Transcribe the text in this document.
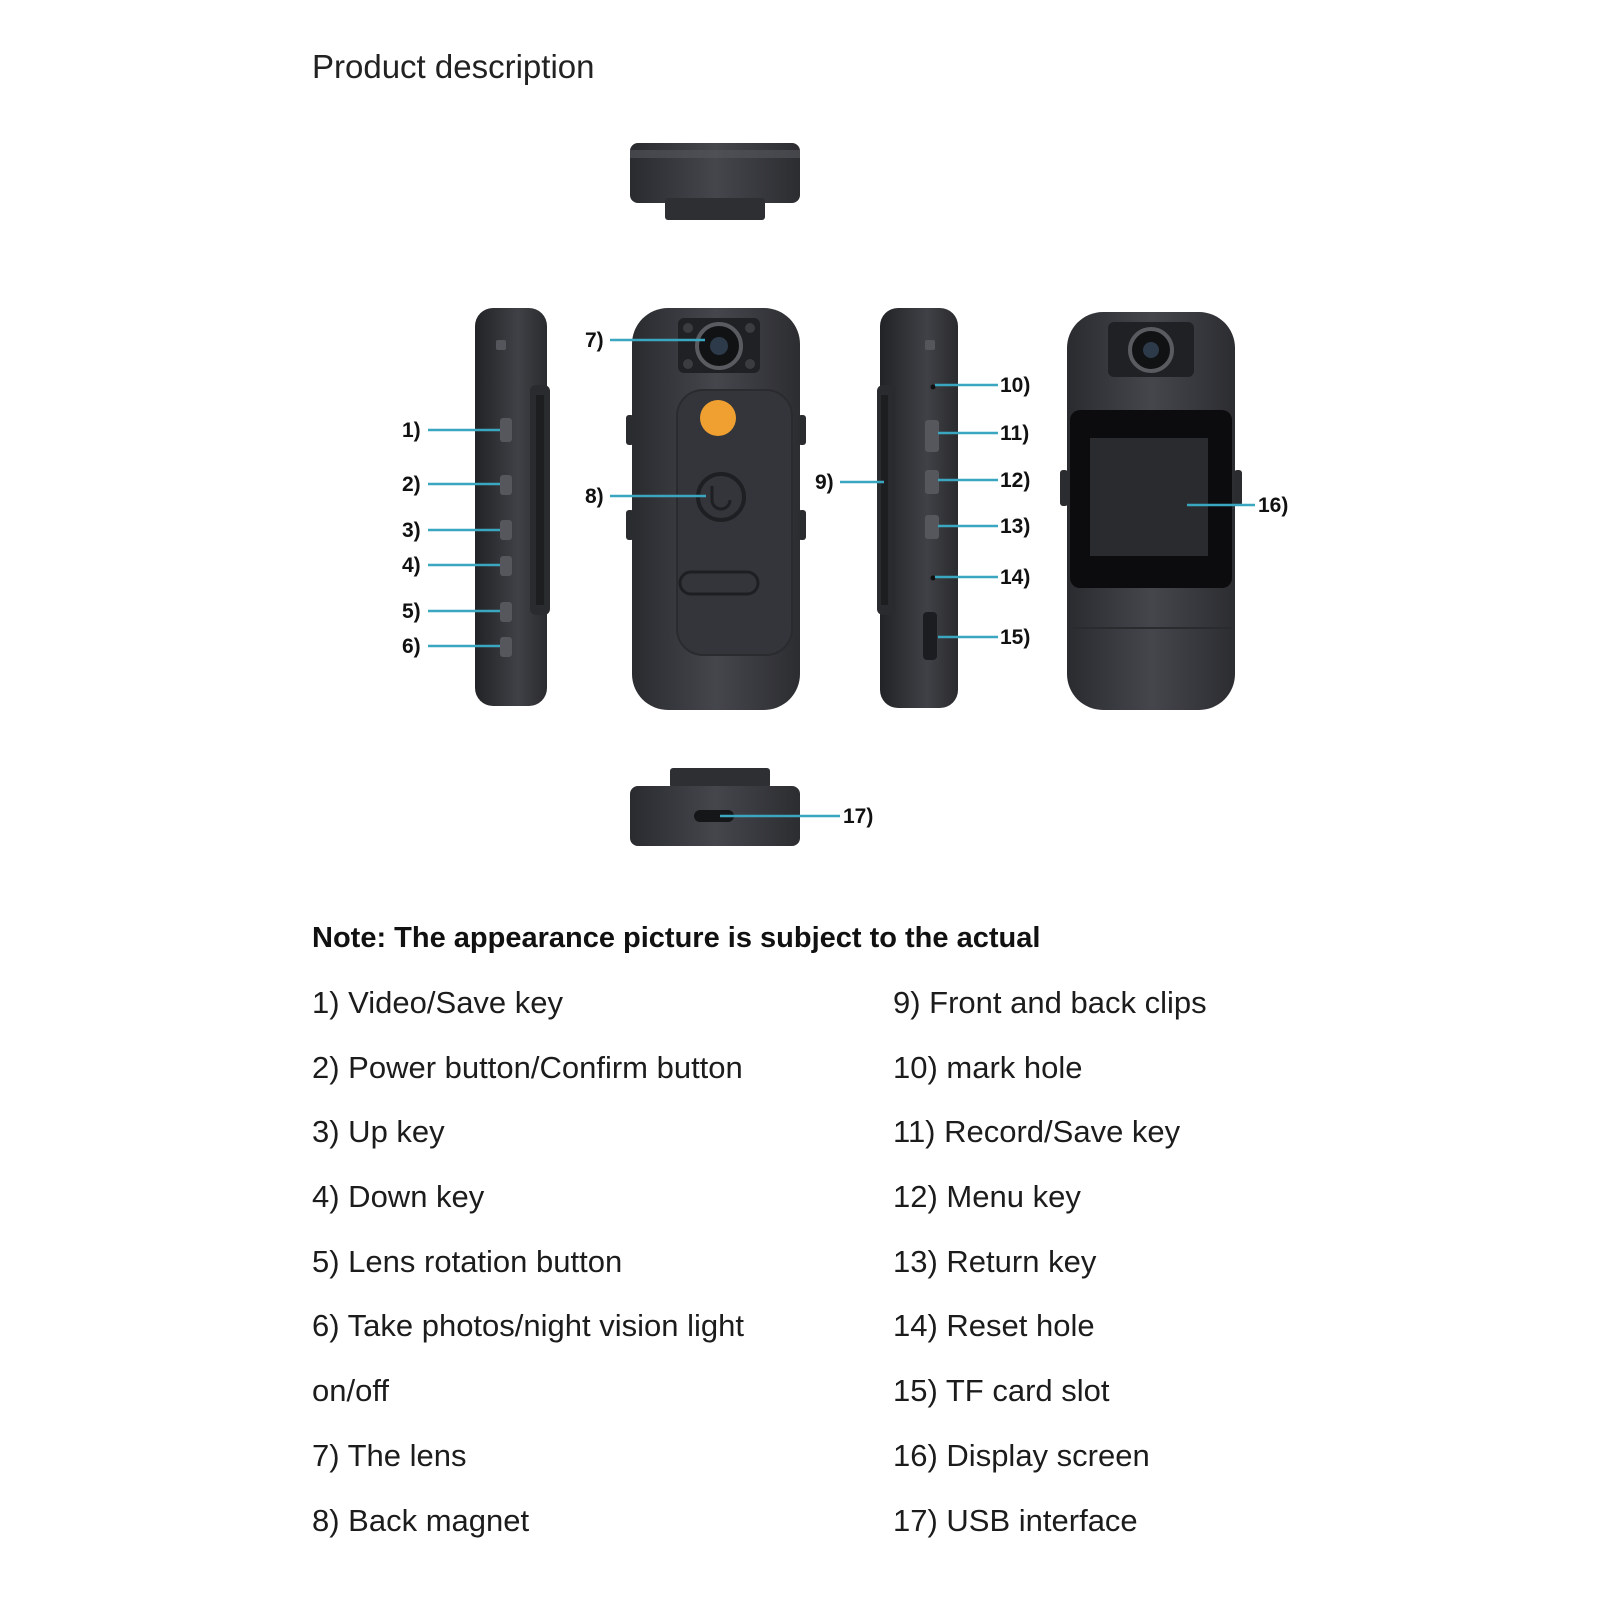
Product description
1)
2)
3)
4)
5)
6)
7)
8)
9)
10)
11)
12)
13)
14)
15)
16)
17)
Note: The appearance picture is subject to the actual
1) Video/Save key
2) Power button/Confirm button
3) Up key
4) Down key
5) Lens rotation button
6) Take photos/night vision light
on/off
7) The lens
8) Back magnet
9) Front and back clips
10) mark hole
11) Record/Save key
12) Menu key
13) Return key
14) Reset hole
15) TF card slot
16) Display screen
17) USB interface
